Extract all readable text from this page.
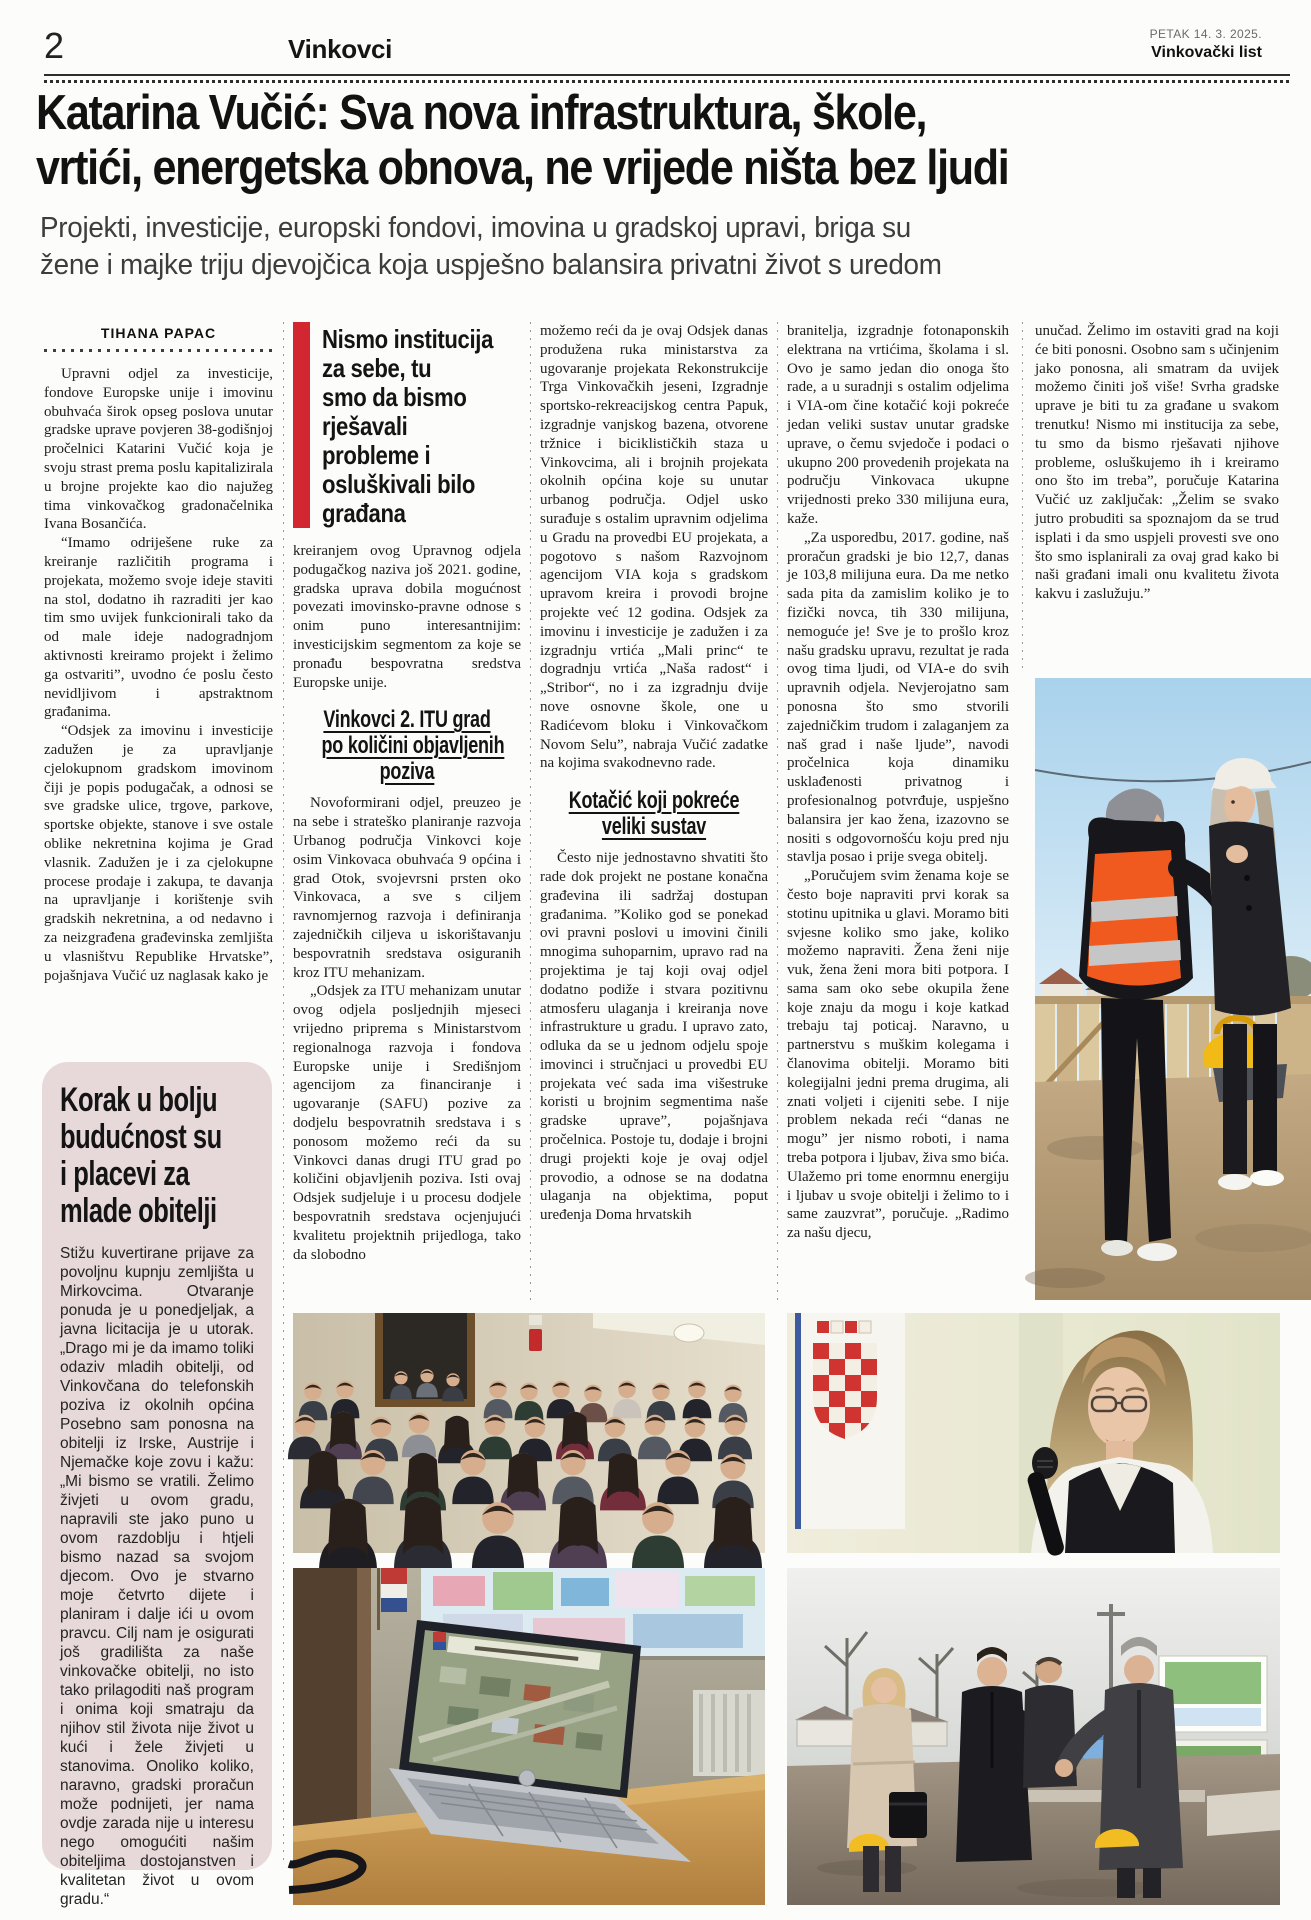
2	Vinkovci	PETAK 14. 3. 2025.
Vinkovački list
Katarina Vučić: Sva nova infrastruktura, škole,
vrtići, energetska obnova, ne vrijede ništa bez ljudi
Projekti, investicije, europski fondovi, imovina u gradskoj upravi, briga su
žene i majke triju djevojčica koja uspješno balansira privatni život s uredom
TIHANA PAPAC

Upravni odjel za investicije, fondove Europske unije i imovinu obuhvaća širok opseg poslova unutar gradske uprave povjeren 38-godišnjoj pročelnici Katarini Vučić koja je svoju strast prema poslu kapitalizirala u brojne projekte kao dio najužeg tima vinkovačkog gradonačelnika Ivana Bosančića.

“Imamo odriješene ruke za kreiranje različitih programa i projekata, možemo svoje ideje staviti na stol, dodatno ih razraditi jer kao tim smo uvijek funkcionirali tako da od male ideje nadogradnjom aktivnosti kreiramo projekt i želimo ga ostvariti”, uvodno će poslu često nevidljivom i apstraktnom građanima.

“Odsjek za imovinu i investicije zadužen je za upravljanje cjelokupnom gradskom imovinom čiji je popis podugačak, a odnosi se sve gradske ulice, trgove, parkove, sportske objekte, stanove i sve ostale oblike nekretnina kojima je Grad vlasnik. Zadužen je i za cjelokupne procese prodaje i zakupa, te davanja na upravljanje i korištenje svih gradskih nekretnina, a od nedavno i za neizgrađena građevinska zemljišta u vlasništvu Republike Hrvatske”, pojašnjava Vučić uz naglasak kako je

Nismo institucija
za sebe, tu
smo da bismo
rješavali
probleme i
osluškivali bilo
građana

kreiranjem ovog Upravnog odjela podugačkog naziva još 2021. godine, gradska uprava dobila mogućnost povezati imovinsko-pravne odnose s onim puno interesantnijim: investicijskim segmentom za koje se pronađu bespovratna sredstva Europske unije.

Vinkovci 2. ITU grad
po količini objavljenih
poziva

Novoformirani odjel, preuzeo je na sebe i strateško planiranje razvoja Urbanog područja Vinkovci koje osim Vinkovaca obuhvaća 9 općina i grad Otok, svojevrsni prsten oko Vinkovaca, a sve s ciljem ravnomjernog razvoja i definiranja zajedničkih ciljeva u iskorištavanju bespovratnih sredstava osiguranih kroz ITU mehanizam.

„Odsjek za ITU mehanizam unutar ovog odjela posljednjih mjeseci vrijedno priprema s Ministarstvom regionalnoga razvoja i fondova Europske unije i Središnjom agencijom za financiranje i ugovaranje (SAFU) pozive za dodjelu bespovratnih sredstava i s ponosom možemo reći da su Vinkovci danas drugi ITU grad po količini objavljenih poziva. Isti ovaj Odsjek sudjeluje i u procesu dodjele bespovratnih sredstava ocjenjujući kvalitetu projektnih prijedloga, tako da slobodno

možemo reći da je ovaj Odsjek danas produžena ruka ministarstva za ugovaranje projekata Rekonstrukcije Trga Vinkovačkih jeseni, Izgradnje sportsko-rekreacijskog centra Papuk, izgradnje vanjskog bazena, otvorene tržnice i biciklističkih staza u Vinkovcima, ali i brojnih projekata okolnih općina koje su unutar urbanog područja. Odjel usko surađuje s ostalim upravnim odjelima u Gradu na provedbi EU projekata, a pogotovo s našom Razvojnom agencijom VIA koja s gradskom upravom kreira i provodi brojne projekte već 12 godina. Odsjek za imovinu i investicije je zadužen i za izgradnju vrtića „Mali princ“ te dogradnju vrtića „Naša radost“ i „Stribor“, no i za izgradnju dvije nove osnovne škole, one u Radićevom bloku i Vinkovačkom Novom Selu”, nabraja Vučić zadatke na kojima svakodnevno rade.

Kotačić koji pokreće
veliki sustav

Često nije jednostavno shvatiti što rade dok projekt ne postane konačna građevina ili sadržaj dostupan građanima. ”Koliko god se ponekad ovi pravni poslovi u imovini činili mnogima suhoparnim, upravo rad na projektima je taj koji ovaj odjel dodatno podiže i stvara pozitivnu atmosferu ulaganja i kreiranja nove infrastrukture u gradu. I upravo zato, odluka da se u jednom odjelu spoje imovinci i stručnjaci u provedbi EU projekata već sada ima višestruke koristi u brojnim segmentima naše gradske uprave”, pojašnjava pročelnica. Postoje tu, dodaje i brojni drugi projekti koje je ovaj odjel provodio, a odnose se na dodatna ulaganja na objektima, poput uređenja Doma hrvatskih

branitelja, izgradnje fotonaponskih elektrana na vrtićima, školama i sl. Ovo je samo jedan dio onoga što rade, a u suradnji s ostalim odjelima i VIA-om čine kotačić koji pokreće jedan veliki sustav unutar gradske uprave, o čemu svjedoče i podaci o ukupno 200 provedenih projekata na području Vinkovaca ukupne vrijednosti preko 330 milijuna eura, kaže.

„Za usporedbu, 2017. godine, naš proračun gradski je bio 12,7, danas je 103,8 milijuna eura. Da me netko sada pita da zamislim koliko je to fizički novca, tih 330 milijuna, nemoguće je! Sve je to prošlo kroz našu gradsku upravu, rezultat je rada ovog tima ljudi, od VIA-e do svih upravnih odjela. Nevjerojatno sam ponosna što smo stvorili zajedničkim trudom i zalaganjem za naš grad i naše ljude”, navodi pročelnica koja dinamiku usklađenosti privatnog i profesionalnog potvrđuje, uspješno balansira jer kao žena, izazovno se nositi s odgovornošću koju pred nju stavlja posao i prije svega obitelj.

„Poručujem svim ženama koje se često boje napraviti prvi korak sa stotinu upitnika u glavi. Moramo biti svjesne koliko smo jake, koliko možemo napraviti. Žena ženi nije vuk, žena ženi mora biti potpora. I sama sam oko sebe okupila žene koje znaju da mogu i koje katkad trebaju taj poticaj. Naravno, u partnerstvu s muškim kolegama i članovima obitelji. Moramo biti kolegijalni jedni prema drugima, ali znati voljeti i cijeniti sebe. I nije problem nekada reći “danas ne mogu” jer nismo roboti, i nama treba potpora i ljubav, živa smo bića. Ulažemo pri tome enormnu energiju i ljubav u svoje obitelji i želimo to i same zauzvrat”, poručuje. „Radimo za našu djecu,

unučad. Želimo im ostaviti grad na koji će biti ponosni. Osobno sam s učinjenim jako ponosna, ali smatram da uvijek možemo činiti još više! Svrha gradske uprave je biti tu za građane u svakom trenutku! Nismo mi institucija za sebe, tu smo da bismo rješavati njihove probleme, osluškujemo ih i kreiramo ono što im treba”, poručuje Katarina Vučić uz zaključak: „Želim se svako jutro probuditi sa spoznajom da se trud isplati i da smo uspjeli provesti sve ono što smo isplanirali za ovaj grad kako bi naši građani imali onu kvalitetu života kakvu i zaslužuju.”

Korak u bolju
budućnost su
i placevi za
mlade obitelji
Stižu kuvertirane prijave za povoljnu kupnju zemljišta u Mirkovcima. Otvaranje ponuda je u ponedjeljak, a javna licitacija je u utorak. „Drago mi je da imamo toliki odaziv mladih obitelji, od Vinkovčana do telefonskih poziva iz okolnih općina Posebno sam ponosna na obitelji iz Irske, Austrije i Njemačke koje zovu i kažu: „Mi bismo se vratili. Želimo živjeti u ovom gradu, napravili ste jako puno u ovom razdoblju i htjeli bismo nazad sa svojom djecom. Ovo je stvarno moje četvrto dijete i planiram i dalje ići u ovom pravcu. Cilj nam je osigurati još gradilišta za naše vinkovačke obitelji, no isto tako prilagoditi naš program i onima koji smatraju da njihov stil života nije život u kući i žele živjeti u stanovima. Onoliko koliko, naravno, gradski proračun može podnijeti, jer nama ovdje zarada nije u interesu nego omogućiti našim obiteljima dostojanstven i kvalitetan život u ovom gradu.“
